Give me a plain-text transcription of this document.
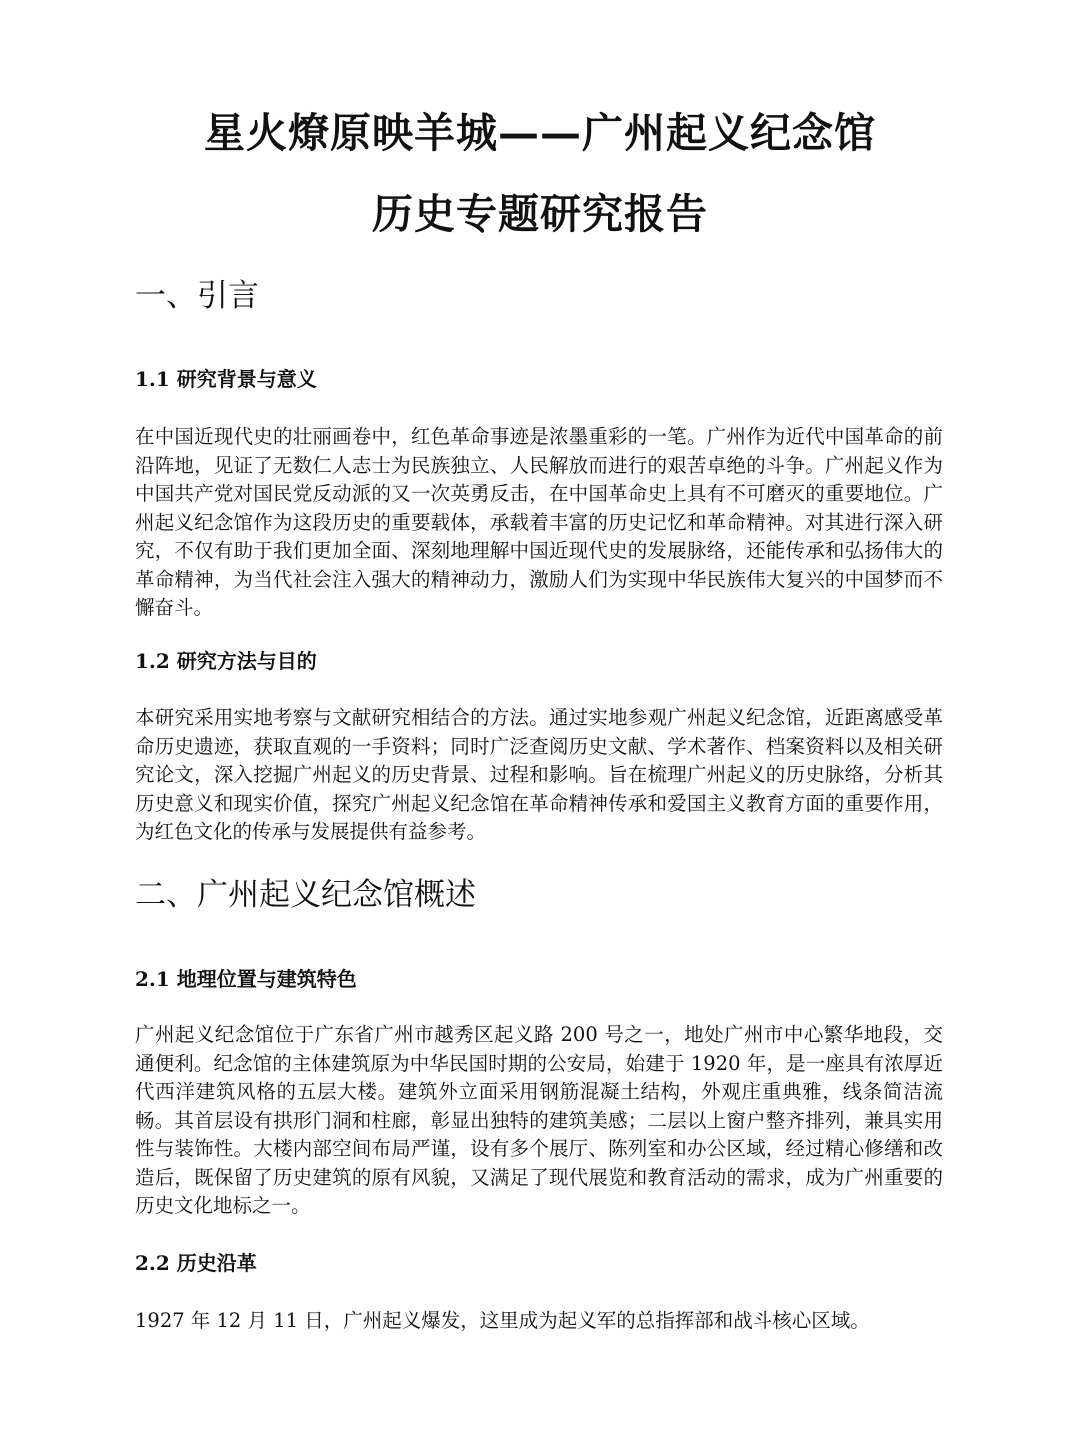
星火燎原映羊城——广州起义纪念馆
历史专题研究报告
一、引言
1.1 研究背景与意义

在中国近现代史的壮丽画卷中，红色革命事迹是浓墨重彩的一笔。广州作为近代中国革命的前沿阵地，见证了无数仁人志士为民族独立、人民解放而进行的艰苦卓绝的斗争。广州起义作为中国共产党对国民党反动派的又一次英勇反击，在中国革命史上具有不可磨灭的重要地位。广州起义纪念馆作为这段历史的重要载体，承载着丰富的历史记忆和革命精神。对其进行深入研究，不仅有助于我们更加全面、深刻地理解中国近现代史的发展脉络，还能传承和弘扬伟大的革命精神，为当代社会注入强大的精神动力，激励人们为实现中华民族伟大复兴的中国梦而不懈奋斗。

1.2 研究方法与目的

本研究采用实地考察与文献研究相结合的方法。通过实地参观广州起义纪念馆，近距离感受革命历史遗迹，获取直观的一手资料；同时广泛查阅历史文献、学术著作、档案资料以及相关研究论文，深入挖掘广州起义的历史背景、过程和影响。旨在梳理广州起义的历史脉络，分析其历史意义和现实价值，探究广州起义纪念馆在革命精神传承和爱国主义教育方面的重要作用，为红色文化的传承与发展提供有益参考。

二、广州起义纪念馆概述
2.1 地理位置与建筑特色

广州起义纪念馆位于广东省广州市越秀区起义路 200 号之一，地处广州市中心繁华地段，交通便利。纪念馆的主体建筑原为中华民国时期的公安局，始建于 1920 年，是一座具有浓厚近代西洋建筑风格的五层大楼。建筑外立面采用钢筋混凝土结构，外观庄重典雅，线条简洁流畅。其首层设有拱形门洞和柱廊，彰显出独特的建筑美感；二层以上窗户整齐排列，兼具实用性与装饰性。大楼内部空间布局严谨，设有多个展厅、陈列室和办公区域，经过精心修缮和改造后，既保留了历史建筑的原有风貌，又满足了现代展览和教育活动的需求，成为广州重要的历史文化地标之一。

2.2 历史沿革

1927 年 12 月 11 日，广州起义爆发，这里成为起义军的总指挥部和战斗核心区域。
